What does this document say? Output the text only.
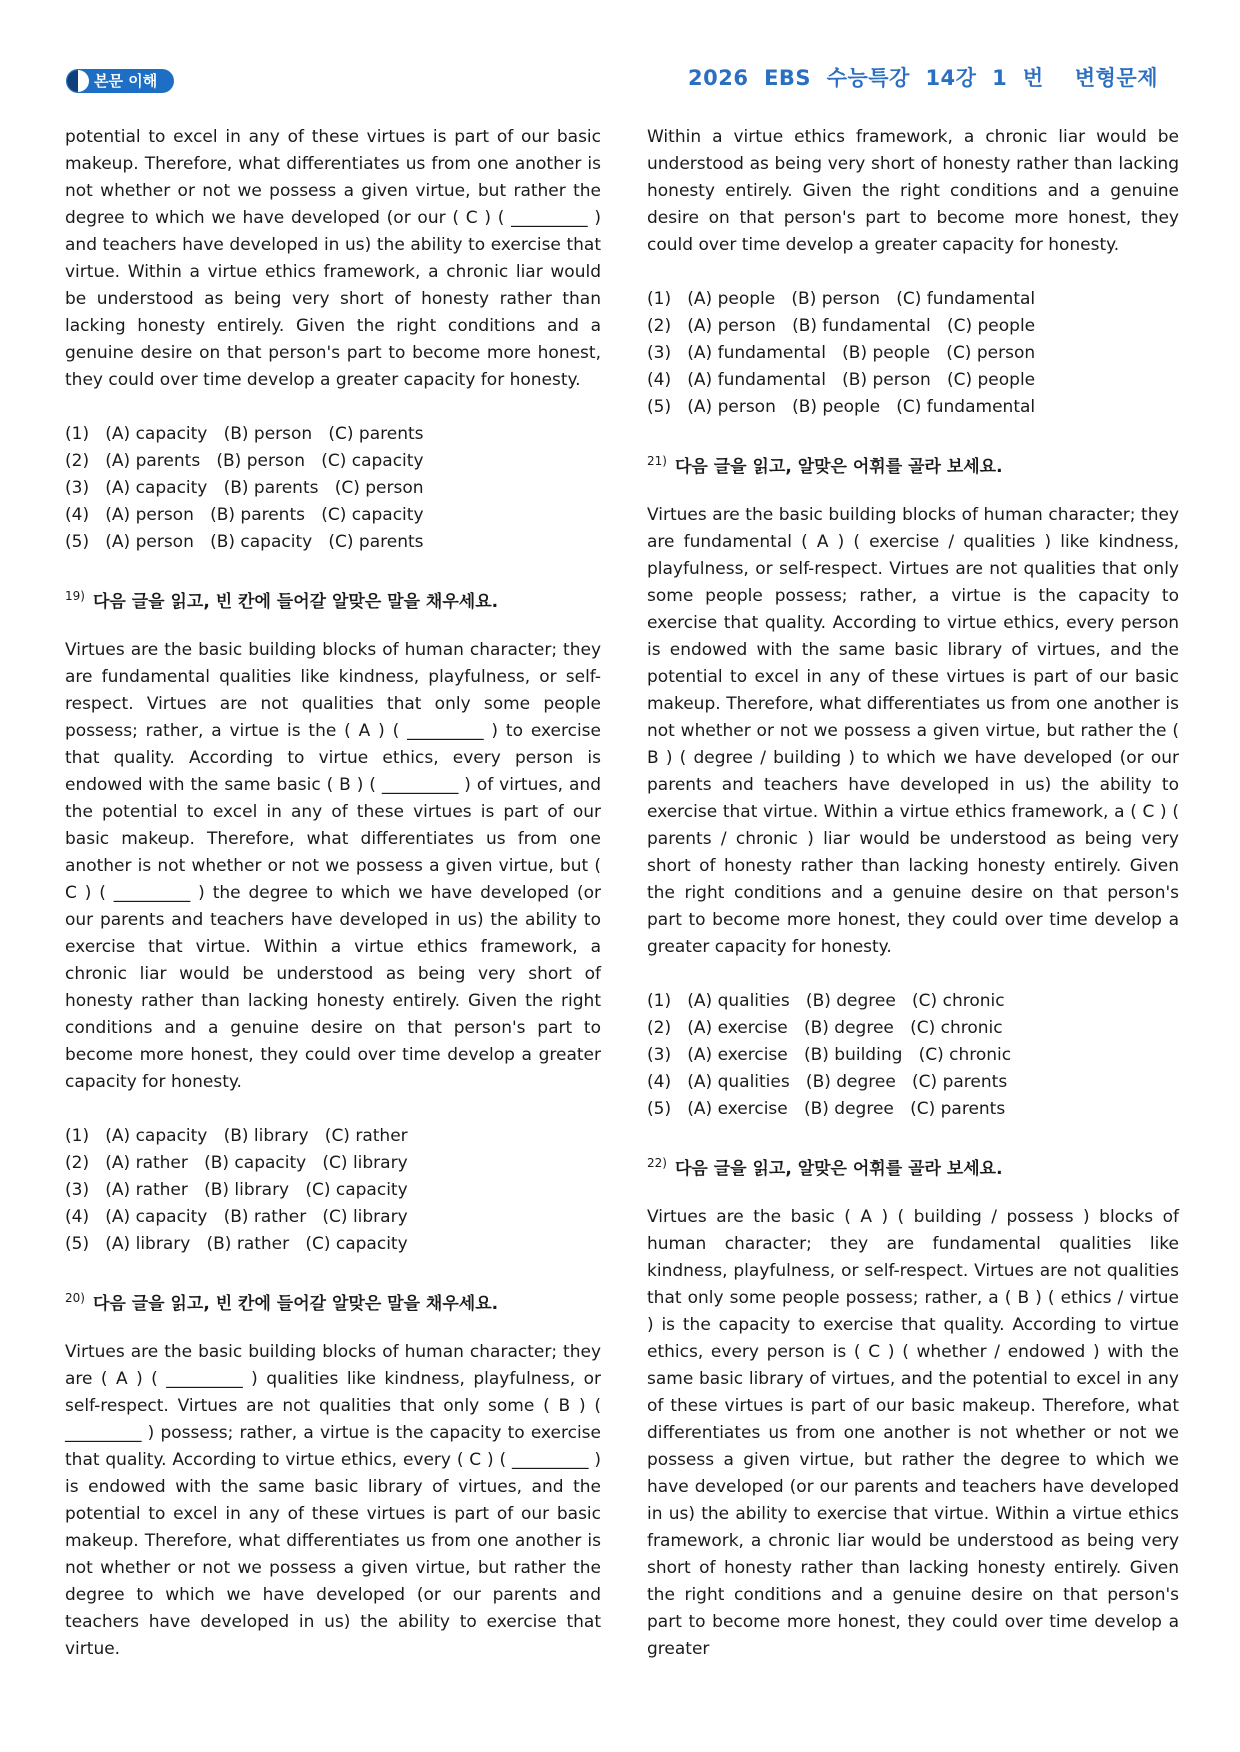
본문 이해	2026  EBS  수능특강  14강  1  번    변형문제

potential to excel in any of these virtues is part of our basic makeup. Therefore, what differentiates us from one another is not whether or not we possess a given virtue, but rather the degree to which we have developed (or our ( C ) ( _________ ) and teachers have developed in us) the ability to exercise that virtue. Within a virtue ethics framework, a chronic liar would be understood as being very short of honesty rather than lacking honesty entirely. Given the right conditions and a genuine desire on that person's part to become more honest, they could over time develop a greater capacity for honesty.

(1)   (A) capacity   (B) person   (C) parents
(2)   (A) parents   (B) person   (C) capacity
(3)   (A) capacity   (B) parents   (C) person
(4)   (A) person   (B) parents   (C) capacity
(5)   (A) person   (B) capacity   (C) parents
$^{19)}$ 다음 글을 읽고, 빈 칸에 들어갈 알맞은 말을 채우세요.

Virtues are the basic building blocks of human character; they are fundamental qualities like kindness, playfulness, or self-respect. Virtues are not qualities that only some people possess; rather, a virtue is the ( A ) ( _________ ) to exercise that quality. According to virtue ethics, every person is endowed with the same basic ( B ) ( _________ ) of virtues, and the potential to excel in any of these virtues is part of our basic makeup. Therefore, what differentiates us from one another is not whether or not we possess a given virtue, but ( C ) ( _________ ) the degree to which we have developed (or our parents and teachers have developed in us) the ability to exercise that virtue. Within a virtue ethics framework, a chronic liar would be understood as being very short of honesty rather than lacking honesty entirely. Given the right conditions and a genuine desire on that person's part to become more honest, they could over time develop a greater capacity for honesty.

(1)   (A) capacity   (B) library   (C) rather
(2)   (A) rather   (B) capacity   (C) library
(3)   (A) rather   (B) library   (C) capacity
(4)   (A) capacity   (B) rather   (C) library
(5)   (A) library   (B) rather   (C) capacity
$^{20)}$ 다음 글을 읽고, 빈 칸에 들어갈 알맞은 말을 채우세요.

Virtues are the basic building blocks of human character; they are ( A ) ( _________ ) qualities like kindness, playfulness, or self-respect. Virtues are not qualities that only some ( B ) ( _________ ) possess; rather, a virtue is the capacity to exercise that quality. According to virtue ethics, every ( C ) ( _________ ) is endowed with the same basic library of virtues, and the potential to excel in any of these virtues is part of our basic makeup. Therefore, what differentiates us from one another is not whether or not we possess a given virtue, but rather the degree to which we have developed (or our parents and teachers have developed in us) the ability to exercise that virtue.

Within a virtue ethics framework, a chronic liar would be understood as being very short of honesty rather than lacking honesty entirely. Given the right conditions and a genuine desire on that person's part to become more honest, they could over time develop a greater capacity for honesty.

(1)   (A) people   (B) person   (C) fundamental
(2)   (A) person   (B) fundamental   (C) people
(3)   (A) fundamental   (B) people   (C) person
(4)   (A) fundamental   (B) person   (C) people
(5)   (A) person   (B) people   (C) fundamental
$^{21)}$ 다음 글을 읽고, 알맞은 어휘를 골라 보세요.

Virtues are the basic building blocks of human character; they are fundamental ( A ) ( exercise / qualities ) like kindness, playfulness, or self-respect. Virtues are not qualities that only some people possess; rather, a virtue is the capacity to exercise that quality. According to virtue ethics, every person is endowed with the same basic library of virtues, and the potential to excel in any of these virtues is part of our basic makeup. Therefore, what differentiates us from one another is not whether or not we possess a given virtue, but rather the ( B ) ( degree / building ) to which we have developed (or our parents and teachers have developed in us) the ability to exercise that virtue. Within a virtue ethics framework, a ( C ) ( parents / chronic ) liar would be understood as being very short of honesty rather than lacking honesty entirely. Given the right conditions and a genuine desire on that person's part to become more honest, they could over time develop a greater capacity for honesty.

(1)   (A) qualities   (B) degree   (C) chronic
(2)   (A) exercise   (B) degree   (C) chronic
(3)   (A) exercise   (B) building   (C) chronic
(4)   (A) qualities   (B) degree   (C) parents
(5)   (A) exercise   (B) degree   (C) parents
$^{22)}$ 다음 글을 읽고, 알맞은 어휘를 골라 보세요.

Virtues are the basic ( A ) ( building / possess ) blocks of human character; they are fundamental qualities like kindness, playfulness, or self-respect. Virtues are not qualities that only some people possess; rather, a ( B ) ( ethics / virtue ) is the capacity to exercise that quality. According to virtue ethics, every person is ( C ) ( whether / endowed ) with the same basic library of virtues, and the potential to excel in any of these virtues is part of our basic makeup. Therefore, what differentiates us from one another is not whether or not we possess a given virtue, but rather the degree to which we have developed (or our parents and teachers have developed in us) the ability to exercise that virtue. Within a virtue ethics framework, a chronic liar would be understood as being very short of honesty rather than lacking honesty entirely. Given the right conditions and a genuine desire on that person's part to become more honest, they could over time develop a greater
